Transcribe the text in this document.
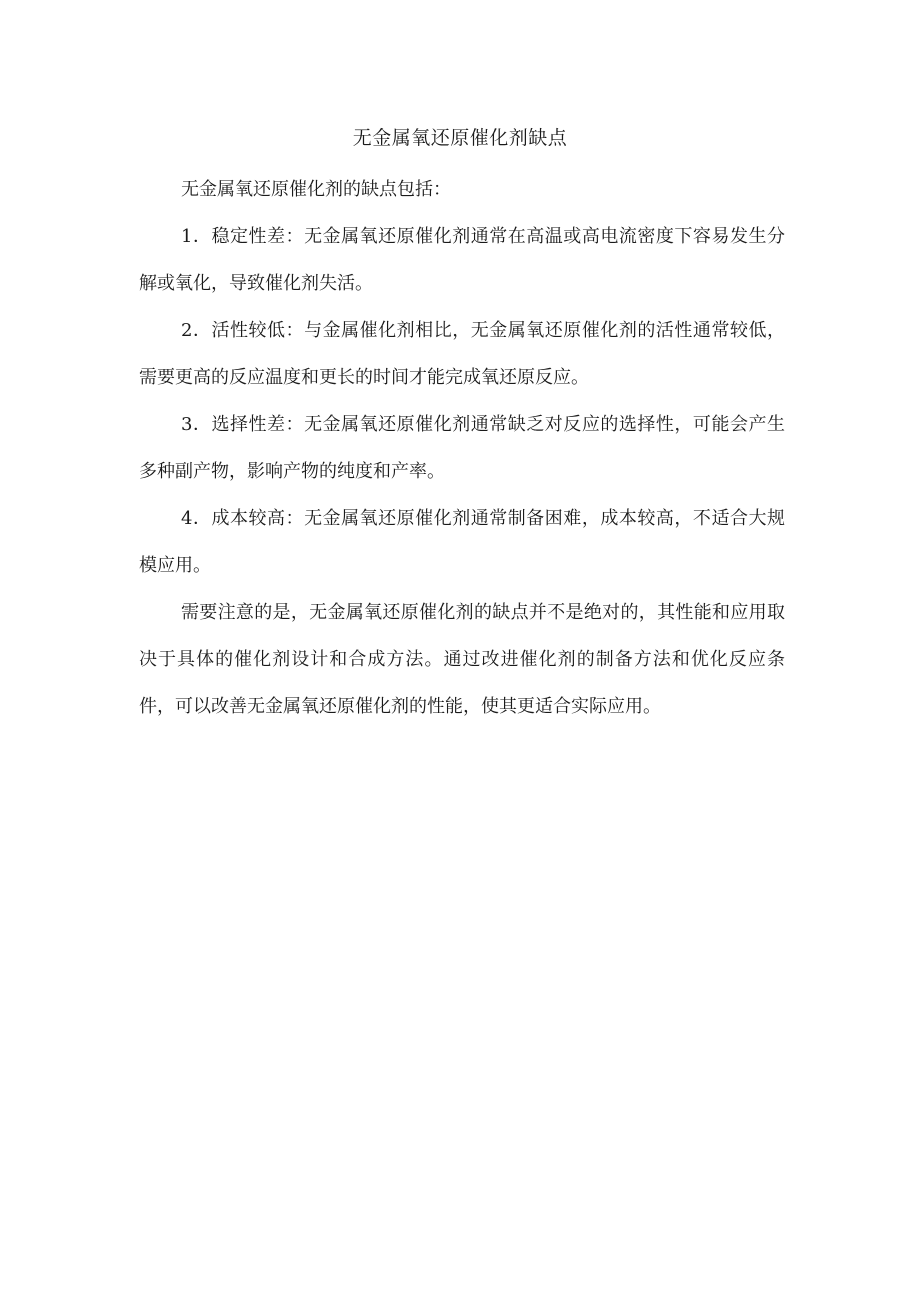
无金属氧还原催化剂缺点

无金属氧还原催化剂的缺点包括：

1．稳定性差：无金属氧还原催化剂通常在高温或高电流密度下容易发生分解或氧化，导致催化剂失活。

2．活性较低：与金属催化剂相比，无金属氧还原催化剂的活性通常较低，需要更高的反应温度和更长的时间才能完成氧还原反应。

3．选择性差：无金属氧还原催化剂通常缺乏对反应的选择性，可能会产生多种副产物，影响产物的纯度和产率。

4．成本较高：无金属氧还原催化剂通常制备困难，成本较高，不适合大规模应用。

需要注意的是，无金属氧还原催化剂的缺点并不是绝对的，其性能和应用取决于具体的催化剂设计和合成方法。通过改进催化剂的制备方法和优化反应条件，可以改善无金属氧还原催化剂的性能，使其更适合实际应用。
